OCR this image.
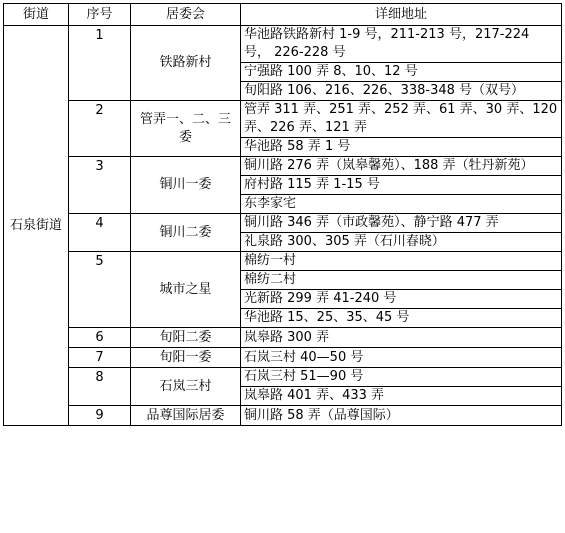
街道	序号	居委会	详细地址
石泉街道	1	铁路新村	华池路铁路新村 1-9 号，211-213 号，217-224 号， 226-228 号
			宁强路 100 弄 8、10、12 号
			旬阳路 106、216、226、338-348 号（双号）
	2	管弄一、二、三委	管弄 311 弄、251 弄、252 弄、61 弄、30 弄、120 弄、226 弄、121 弄
			华池路 58 弄 1 号
	3	铜川一委	铜川路 276 弄（岚皋馨苑）、188 弄（牡丹新苑）
			府村路 115 弄 1-15 号
			东李家宅
	4	铜川二委	铜川路 346 弄（市政馨苑）、静宁路 477 弄
			礼泉路 300、305 弄（石川春晓）
	5	城市之星	棉纺一村
			棉纺二村
			光新路 299 弄 41-240 号
			华池路 15、25、35、45 号
	6	旬阳二委	岚皋路 300 弄
	7	旬阳一委	石岚三村 40—50 号
	8	石岚三村	石岚三村 51—90 号
			岚皋路 401 弄、433 弄
	9	品尊国际居委	铜川路 58 弄（品尊国际）
